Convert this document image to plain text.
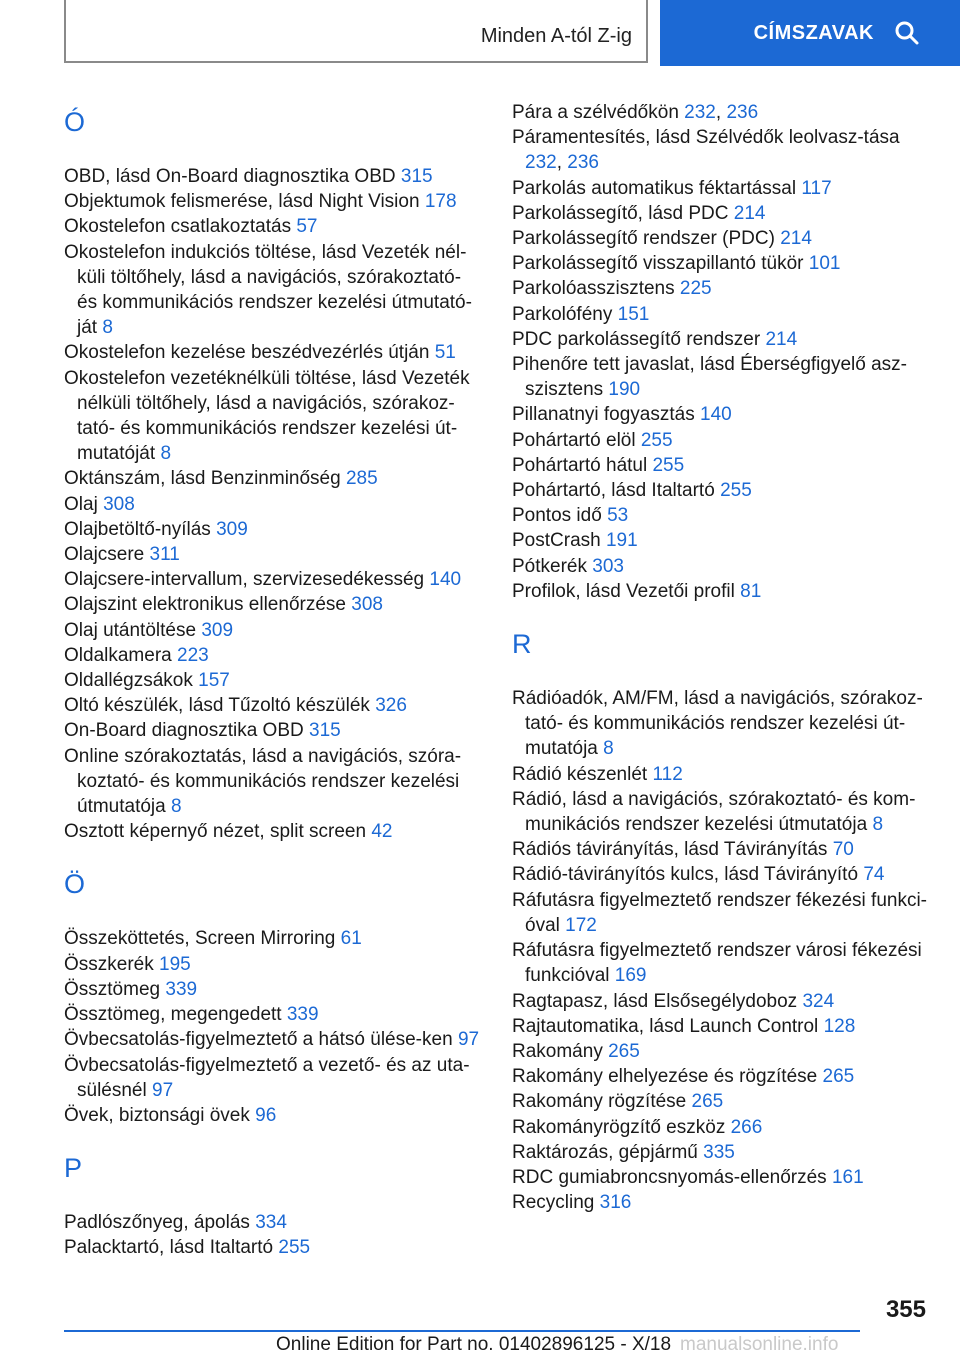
Minden A-tól Z-ig	CÍMSZAVAK
Ó
OBD, lásd On-Board diagnosztika OBD 315
Objektumok felismerése, lásd Night Vision 178
Okostelefon csatlakoztatás 57
Okostelefon indukciós töltése, lásd Vezeték nél-küli töltőhely, lásd a navigációs, szórakoztató- és kommunikációs rendszer kezelési útmutató-ját 8
Okostelefon kezelése beszédvezérlés útján 51
Okostelefon vezetéknélküli töltése, lásd Vezeték nélküli töltőhely, lásd a navigációs, szórakoz-tató- és kommunikációs rendszer kezelési út-mutatóját 8
Oktánszám, lásd Benzinminőség 285
Olaj 308
Olajbetöltő-nyílás 309
Olajcsere 311
Olajcsere-intervallum, szervizesedékesség 140
Olajszint elektronikus ellenőrzése 308
Olaj utántöltése 309
Oldalkamera 223
Oldallégzsákok 157
Oltó készülék, lásd Tűzoltó készülék 326
On-Board diagnosztika OBD 315
Online szórakoztatás, lásd a navigációs, szóra-koztató- és kommunikációs rendszer kezelési útmutatója 8
Osztott képernyő nézet, split screen 42
Ö
Összeköttetés, Screen Mirroring 61
Összkerék 195
Össztömeg 339
Össztömeg, megengedett 339
Övbecsatolás-figyelmeztető a hátsó ülése-ken 97
Övbecsatolás-figyelmeztető a vezető- és az uta-sülésnél 97
Övek, biztonsági övek 96
P
Padlószőnyeg, ápolás 334
Palacktartó, lásd Italtartó 255
Pára a szélvédőkön 232, 236
Páramentesítés, lásd Szélvédők leolvasz-tása 232, 236
Parkolás automatikus féktartással 117
Parkolássegítő, lásd PDC 214
Parkolássegítő rendszer (PDC) 214
Parkolássegítő visszapillantó tükör 101
Parkolóasszisztens 225
Parkolófény 151
PDC parkolássegítő rendszer 214
Pihenőre tett javaslat, lásd Éberségfigyelő asz-szisztens 190
Pillanatnyi fogyasztás 140
Pohártartó elöl 255
Pohártartó hátul 255
Pohártartó, lásd Italtartó 255
Pontos idő 53
PostCrash 191
Pótkerék 303
Profilok, lásd Vezetői profil 81
R
Rádióadók, AM/FM, lásd a navigációs, szórakoz-tató- és kommunikációs rendszer kezelési út-mutatója 8
Rádió készenlét 112
Rádió, lásd a navigációs, szórakoztató- és kom-munikációs rendszer kezelési útmutatója 8
Rádiós távirányítás, lásd Távirányítás 70
Rádió-távirányítós kulcs, lásd Távirányító 74
Ráfutásra figyelmeztető rendszer fékezési funkci-óval 172
Ráfutásra figyelmeztető rendszer városi fékezési funkcióval 169
Ragtapasz, lásd Elsősegélydoboz 324
Rajtautomatika, lásd Launch Control 128
Rakomány 265
Rakomány elhelyezése és rögzítése 265
Rakomány rögzítése 265
Rakományrögzítő eszköz 266
Raktározás, gépjármű 335
RDC gumiabroncsnyomás-ellenőrzés 161
Recycling 316
355
Online Edition for Part no. 01402896125 - X/18 manualsonline.info
